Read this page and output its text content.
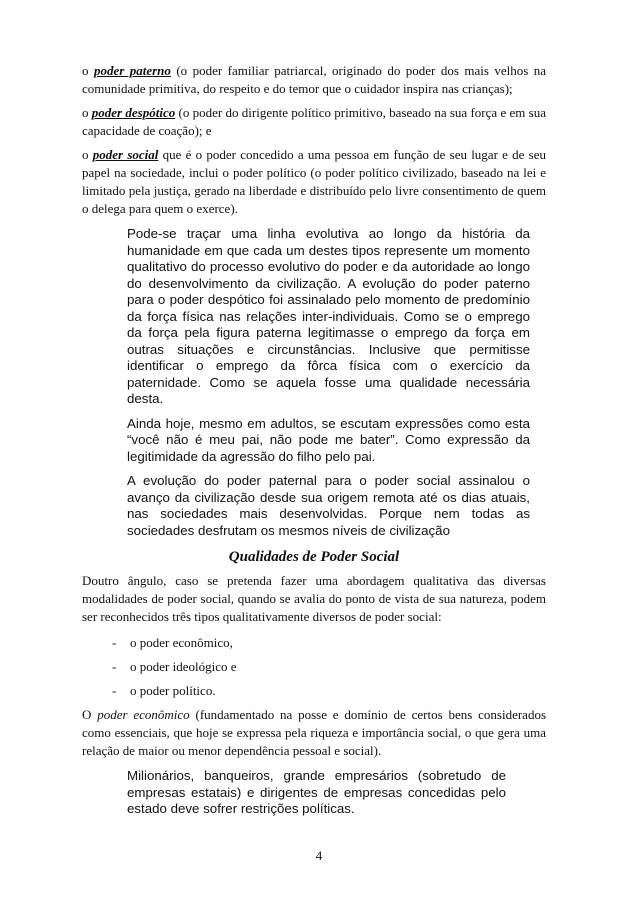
o poder paterno (o poder familiar patriarcal, originado do poder dos mais velhos na comunidade primitiva, do respeito e do temor que o cuidador inspira nas crianças);

o poder despótico (o poder do dirigente político primitivo, baseado na sua força e em sua capacidade de coação); e

o poder social que é o poder concedido a uma pessoa em função de seu lugar e de seu papel na sociedade, inclui o poder político (o poder político civilizado, baseado na lei e limitado pela justiça, gerado na liberdade e distribuído pelo livre consentimento de quem o delega para quem o exerce).

Pode-se traçar uma linha evolutiva ao longo da história da humanidade em que cada um destes tipos represente um momento qualitativo do processo evolutivo do poder e da autoridade ao longo do desenvolvimento da civilização. A evolução do poder paterno para o poder despótico foi assinalado pelo momento de predomínio da força física nas relações inter-individuais. Como se o emprego da força pela figura paterna legitimasse o emprego da força em outras situações e circunstâncias. Inclusive que permitisse identificar o emprego da fôrca física com o exercício da paternidade. Como se aquela fosse uma qualidade necessária desta.

Ainda hoje, mesmo em adultos, se escutam expressões como esta “você não é meu pai, não pode me bater”. Como expressão da legitimidade da agressão do filho pelo pai.

A evolução do poder paternal para o poder social assinalou o avanço da civilização desde sua origem remota até os dias atuais, nas sociedades mais desenvolvidas. Porque nem todas as sociedades desfrutam os mesmos níveis de civilização

Qualidades de Poder Social

Doutro ângulo, caso se pretenda fazer uma abordagem qualitativa das diversas modalidades de poder social, quando se avalia do ponto de vista de sua natureza, podem ser reconhecidos três tipos qualitativamente diversos de poder social:

- o poder econômico,
- o poder ideológico e
- o poder político.

O poder econômico (fundamentado na posse e domínio de certos bens considerados como essenciais, que hoje se expressa pela riqueza e importância social, o que gera uma relação de maior ou menor dependência pessoal e social).

Milionários, banqueiros, grande empresários (sobretudo de empresas estatais) e dirigentes de empresas concedidas pelo estado deve sofrer restrições políticas.

4
